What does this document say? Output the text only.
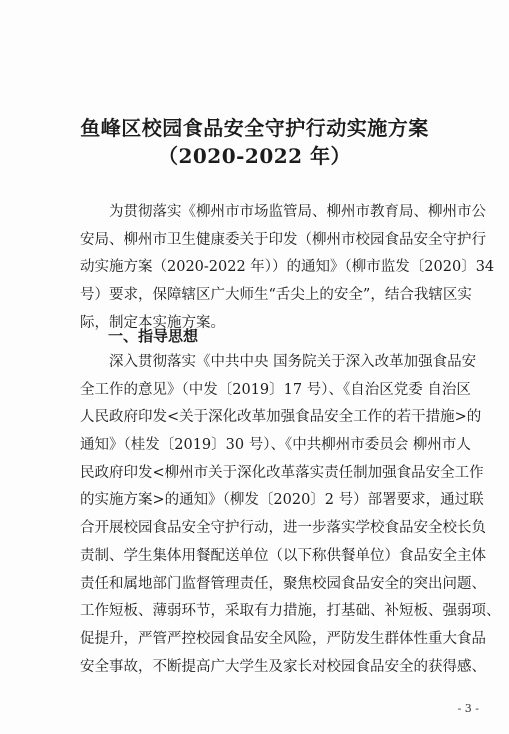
鱼峰区校园食品安全守护行动实施方案
（2020-2022 年）
为贯彻落实《柳州市市场监管局、柳州市教育局、柳州市公
安局、柳州市卫生健康委关于印发（柳州市校园食品安全守护行
动实施方案（2020-2022 年））的通知》（柳市监发〔2020〕34
号）要求，保障辖区广大师生“舌尖上的安全”，结合我辖区实
际，制定本实施方案。
一、指导思想
深入贯彻落实《中共中央 国务院关于深入改革加强食品安
全工作的意见》（中发〔2019〕17 号）、《自治区党委 自治区
人民政府印发<关于深化改革加强食品安全工作的若干措施>的
通知》（桂发〔2019〕30 号）、《中共柳州市委员会 柳州市人
民政府印发<柳州市关于深化改革落实责任制加强食品安全工作
的实施方案>的通知》（柳发〔2020〕2 号）部署要求，通过联
合开展校园食品安全守护行动，进一步落实学校食品安全校长负
责制、学生集体用餐配送单位（以下称供餐单位）食品安全主体
责任和属地部门监督管理责任，聚焦校园食品安全的突出问题、
工作短板、薄弱环节，采取有力措施，打基础、补短板、强弱项、
促提升，严管严控校园食品安全风险，严防发生群体性重大食品
安全事故，不断提高广大学生及家长对校园食品安全的获得感、
- 3 -
